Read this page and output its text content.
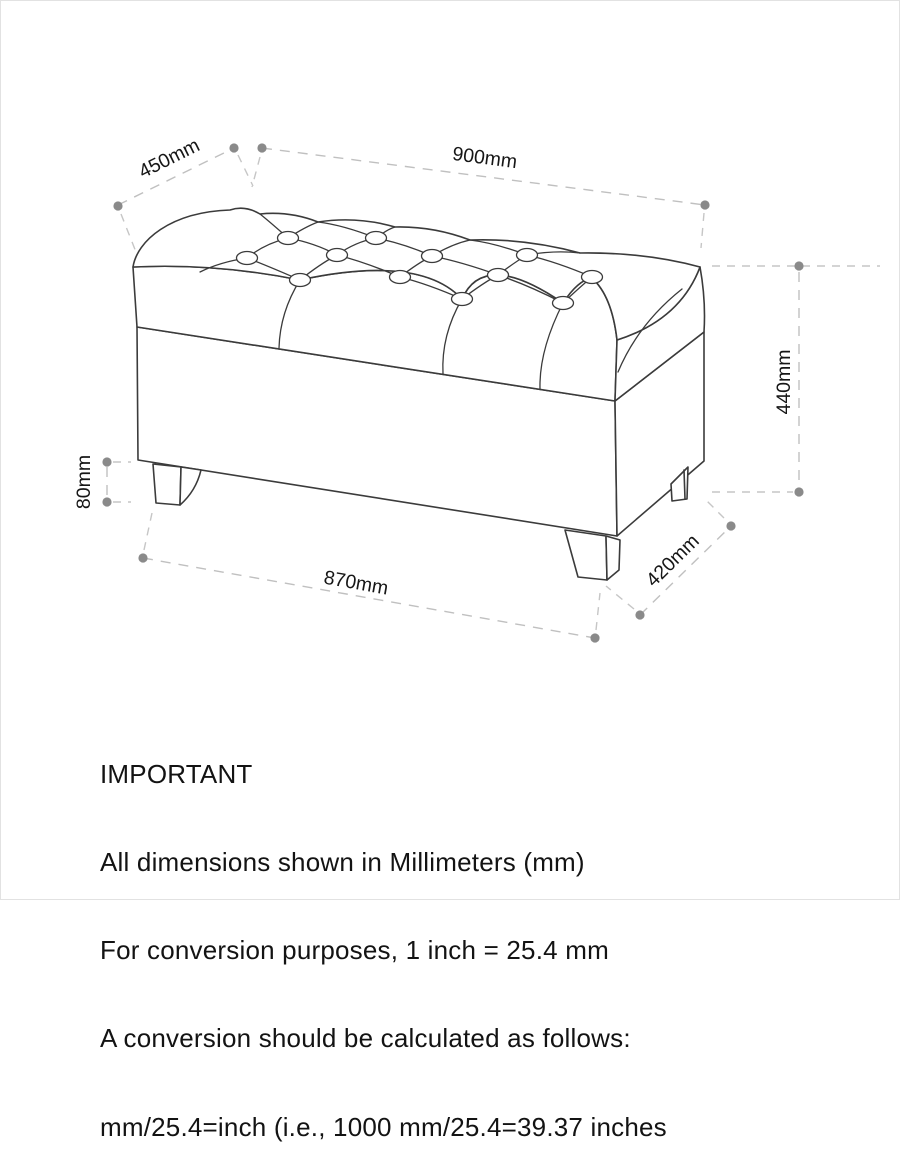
450mm	900mm
440mm
80mm
870mm	420mm

IMPORTANT

All dimensions shown in Millimeters (mm)

For conversion purposes, 1 inch = 25.4 mm

A conversion should be calculated as follows:

mm/25.4=inch (i.e., 1000 mm/25.4=39.37 inches
